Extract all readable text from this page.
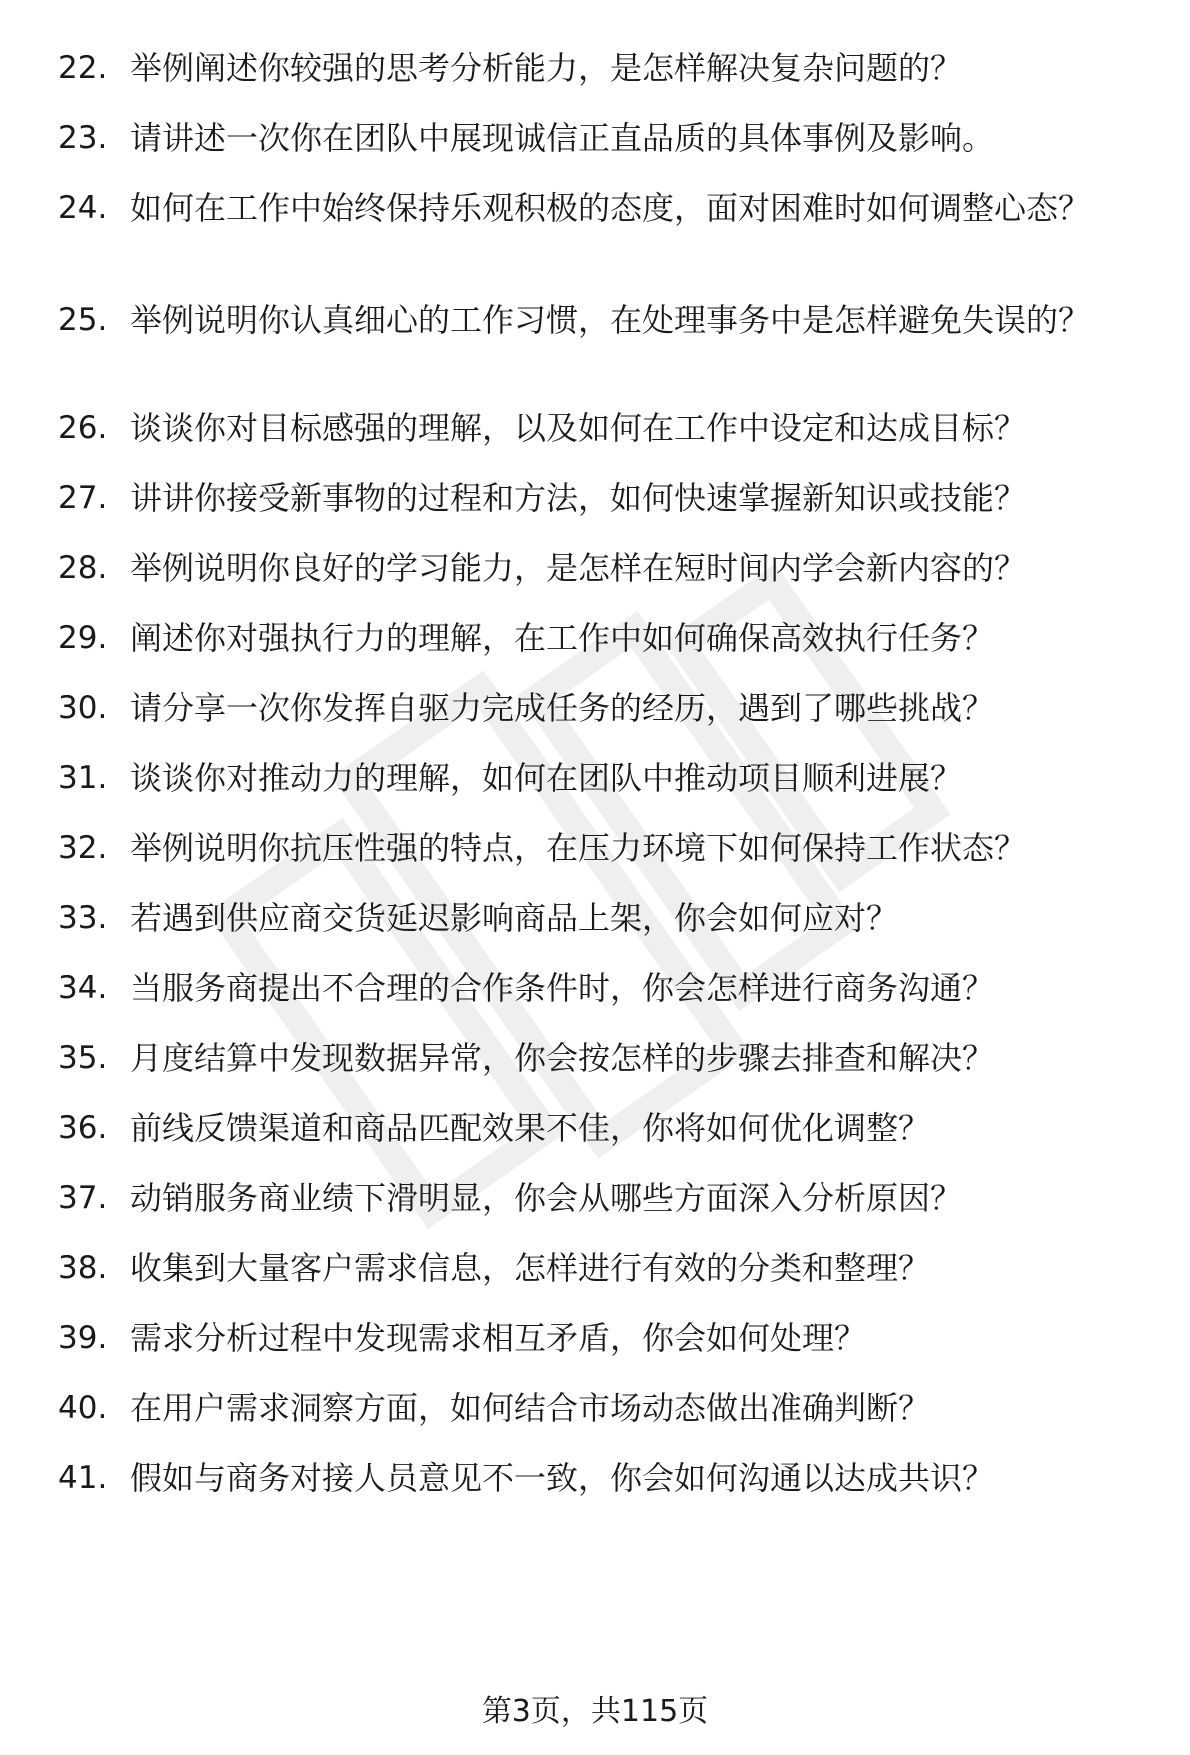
22. 举例阐述你较强的思考分析能力，是怎样解决复杂问题的？
23. 请讲述一次你在团队中展现诚信正直品质的具体事例及影响。
24. 如何在工作中始终保持乐观积极的态度，面对困难时如何调整心态？
25. 举例说明你认真细心的工作习惯，在处理事务中是怎样避免失误的？
26. 谈谈你对目标感强的理解，以及如何在工作中设定和达成目标？
27. 讲讲你接受新事物的过程和方法，如何快速掌握新知识或技能？
28. 举例说明你良好的学习能力，是怎样在短时间内学会新内容的？
29. 阐述你对强执行力的理解，在工作中如何确保高效执行任务？
30. 请分享一次你发挥自驱力完成任务的经历，遇到了哪些挑战？
31. 谈谈你对推动力的理解，如何在团队中推动项目顺利进展？
32. 举例说明你抗压性强的特点，在压力环境下如何保持工作状态？
33. 若遇到供应商交货延迟影响商品上架，你会如何应对？
34. 当服务商提出不合理的合作条件时，你会怎样进行商务沟通？
35. 月度结算中发现数据异常，你会按怎样的步骤去排查和解决？
36. 前线反馈渠道和商品匹配效果不佳，你将如何优化调整？
37. 动销服务商业绩下滑明显，你会从哪些方面深入分析原因？
38. 收集到大量客户需求信息，怎样进行有效的分类和整理？
39. 需求分析过程中发现需求相互矛盾，你会如何处理？
40. 在用户需求洞察方面，如何结合市场动态做出准确判断？
41. 假如与商务对接人员意见不一致，你会如何沟通以达成共识？
第3页，共115页
